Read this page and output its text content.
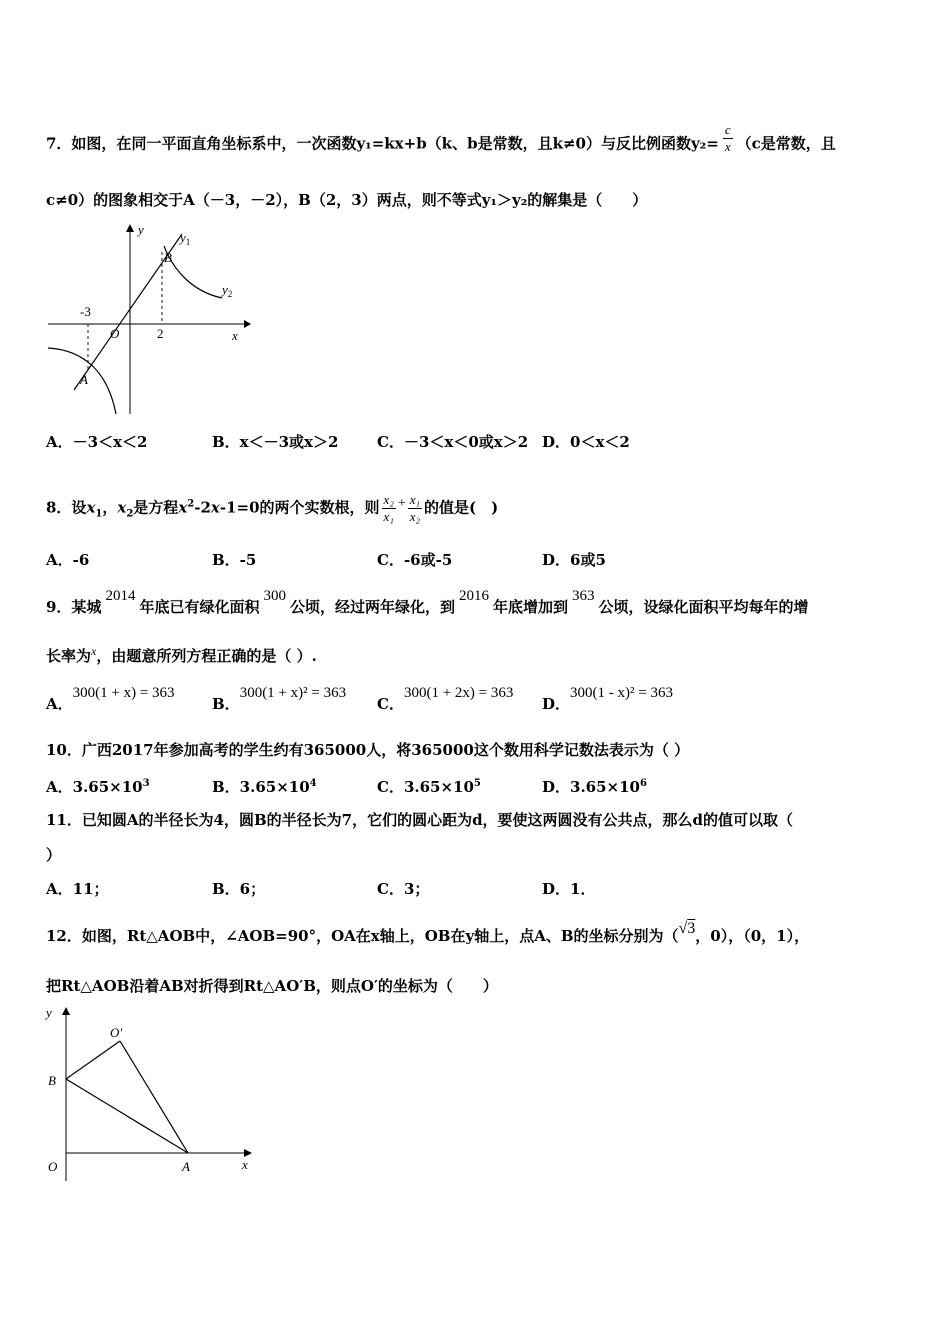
7．如图，在同一平面直角坐标系中，一次函数y₁=kx+b（k、b是常数，且k≠0）与反比例函数$y_2= \frac{c}{x} (c$是常数，且
c≠0）的图象相交于A（－3，－2），B（2，3）两点，则不等式y₁＞y₂的解集是（　　）
y
x
O
-3
2
A
B
$y_1$
$y_2$
A．－3＜x＜2	B．x＜－3或x＞2	C．－3＜x＜0或x＞2 D．0＜x＜2
8．设$x_1$，$x_2$是方程$x^2-2x-1=0$的两个实数根，则 $\frac{\text{x₂}}{\text{x₁}} + \frac{\text{x₁}}{\text{x₂}}$ 的值是(　)
A．-6	B．-5	C．-6或-5	D．6或5
9．某城2014年底已有绿化面积300公顷，经过两年绿化，到2016年底增加到363公顷，设绿化面积平均每年的增
长率为$^x$，由题意所列方程正确的是（ ）.
A．300(1 + x) = 363
B．300(1 + x)² = 363
C．300(1 + 2x) = 363
D．300(1 - x)² = 363
10．广西2017年参加高考的学生约有365000人，将365000这个数用科学记数法表示为（ ）
A．$3.65\times 10^3$	B．$3.65\times 10^4$	C．$3.65\times 10^5$	D．$3.65\times 10^6$
11．已知圆A的半径长为4，圆B的半径长为7，它们的圆心距为d，要使这两圆没有公共点，那么d的值可以取（
）
A．11；	B．6；	C．3；	D．1．
12．如图，Rt△AOB中，∠AOB=90°，OA在x轴上，OB在y轴上，点A、B的坐标分别为（√3，0），（0，1），
把Rt△AOB沿着AB对折得到Rt△AO′B，则点O′的坐标为（　　）
y
x
O	A
B
O′
